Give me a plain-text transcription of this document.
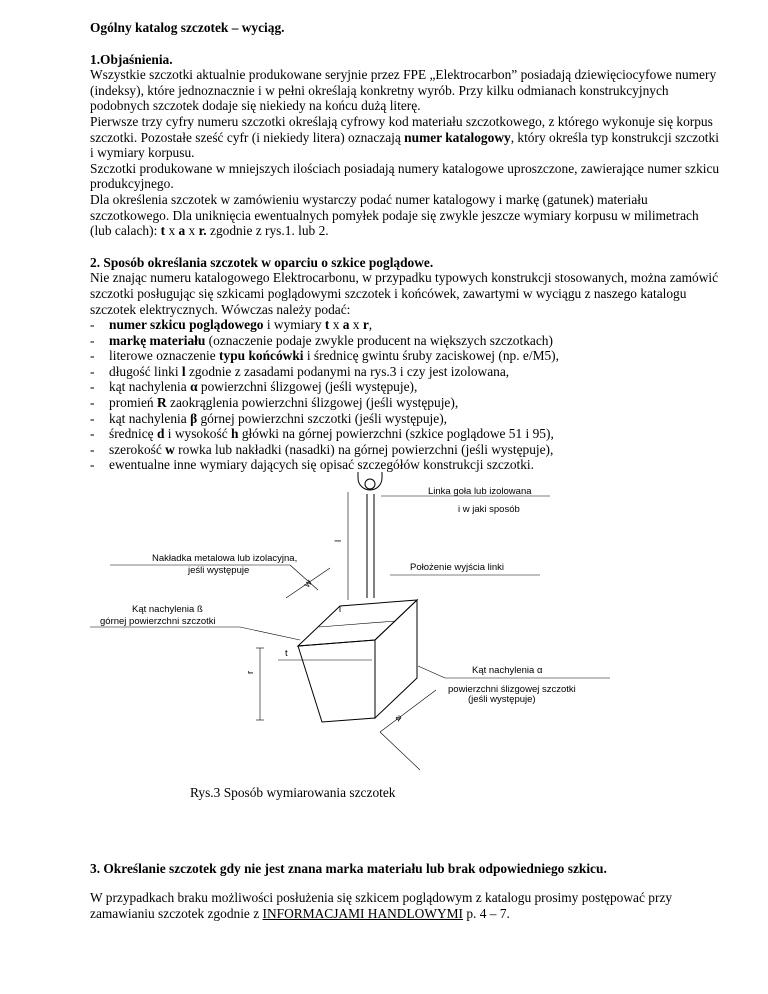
Ogólny katalog szczotek – wyciąg.

1.Objaśnienia.

Wszystkie szczotki aktualnie produkowane seryjnie przez FPE „Elektrocarbon” posiadają dziewięciocyfowe numery (indeksy), które jednoznacznie i w pełni określają konkretny wyrób. Przy kilku odmianach konstrukcyjnych podobnych szczotek dodaje się niekiedy na końcu dużą literę.

Pierwsze trzy cyfry numeru szczotki określają cyfrowy kod materiału szczotkowego, z którego wykonuje się korpus szczotki. Pozostałe sześć cyfr (i niekiedy litera) oznaczają numer katalogowy, który określa typ konstrukcji szczotki i wymiary korpusu.

Szczotki produkowane w mniejszych ilościach posiadają numery katalogowe uproszczone, zawierające numer szkicu produkcyjnego.

Dla określenia szczotek w zamówieniu wystarczy podać numer katalogowy i markę (gatunek) materiału szczotkowego. Dla uniknięcia ewentualnych pomyłek podaje się zwykle jeszcze wymiary korpusu w milimetrach (lub calach): t x a x r. zgodnie z rys.1. lub 2.

2. Sposób określania szczotek w oparciu o szkice poglądowe.

Nie znając numeru katalogowego Elektrocarbonu, w przypadku typowych konstrukcji stosowanych, można zamówić szczotki posługując się szkicami poglądowymi szczotek i końcówek, zawartymi w wyciągu z naszego katalogu szczotek elektrycznych. Wówczas należy podać:

-	numer szkicu poglądowego i wymiary t x a x r,
-	markę materiału (oznaczenie podaje zwykle producent na większych szczotkach)
-	literowe oznaczenie typu końcówki i średnicę gwintu śruby zaciskowej (np. e/M5),
-	długość linki l zgodnie z zasadami podanymi na rys.3 i czy jest izolowana,
-	kąt nachylenia α powierzchni ślizgowej (jeśli występuje),
-	promień R zaokrąglenia powierzchni ślizgowej (jeśli występuje),
-	kąt nachylenia β górnej powierzchni szczotki (jeśli występuje),
-	średnicę d i wysokość h główki na górnej powierzchni (szkice poglądowe 51 i 95),
-	szerokość w rowka lub nakładki (nasadki) na górnej powierzchni (jeśli występuje),
-	ewentualne inne wymiary dających się opisać szczegółów konstrukcji szczotki.
Linka goła lub izolowana
i w jaki sposób
Nakładka metalowa lub izolacyjna,
jeśli występuje	Położenie wyjścia linki
Kąt nachylenia ß
górnej powierzchni szczotki
Kąt nachylenia α
powierzchni ślizgowej szczotki
(jeśli występuje)
l
w
r
t
a

Rys.3 Sposób wymiarowania szczotek

3. Określanie szczotek gdy nie jest znana marka materiału lub brak odpowiedniego szkicu.

W przypadkach braku możliwości posłużenia się szkicem poglądowym z katalogu prosimy postępować przy zamawianiu szczotek zgodnie z INFORMACJAMI HANDLOWYMI p. 4 – 7.
